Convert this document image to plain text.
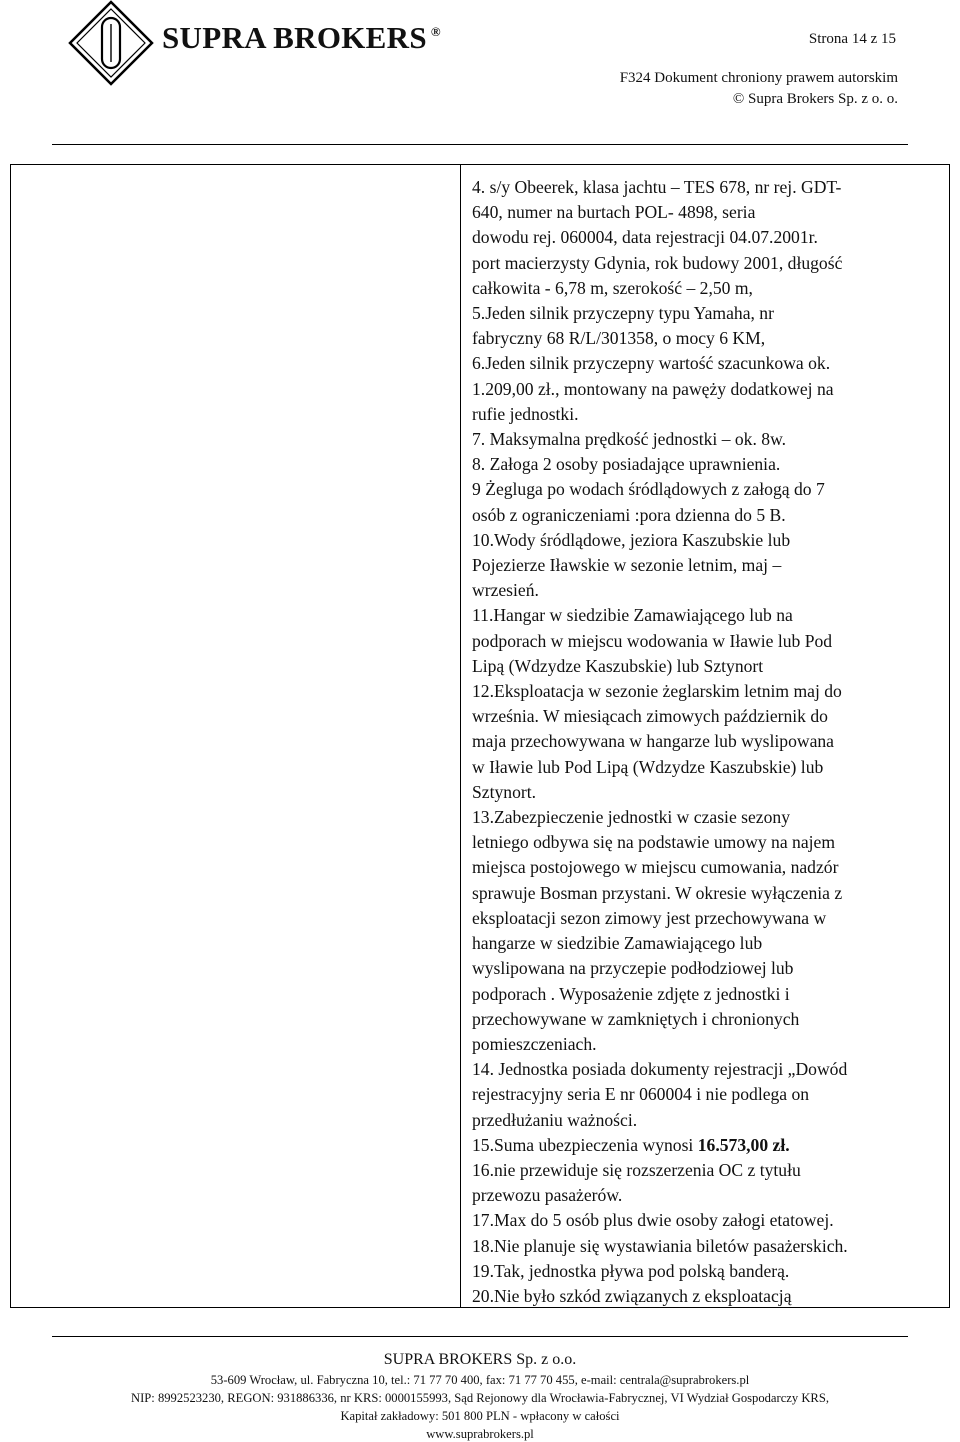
SUPRA BROKERS ®	Strona 14 z 15
F324 Dokument chroniony prawem autorskim
© Supra Brokers Sp. z o. o.

4. s/y Obeerek, klasa jachtu – TES 678, nr rej. GDT-
640, numer na burtach POL- 4898, seria
dowodu rej. 060004, data rejestracji 04.07.2001r.
port macierzysty Gdynia, rok budowy 2001, długość
całkowita - 6,78 m, szerokość – 2,50 m,

5.Jeden silnik przyczepny typu Yamaha, nr
fabryczny 68 R/L/301358, o mocy 6 KM,

6.Jeden silnik przyczepny wartość szacunkowa ok.
1.209,00 zł., montowany na pawęży dodatkowej na
rufie jednostki.

7. Maksymalna prędkość jednostki – ok. 8w.

8. Załoga 2 osoby posiadające uprawnienia.

9 Żegluga po wodach śródlądowych z załogą do 7
osób z ograniczeniami :pora dzienna do 5 B.

10.Wody śródlądowe, jeziora Kaszubskie lub
Pojezierze Iławskie w sezonie letnim, maj –
wrzesień.

11.Hangar w siedzibie Zamawiającego lub na
podporach w miejscu wodowania w Iławie lub Pod
Lipą (Wdzydze Kaszubskie) lub Sztynort

12.Eksploatacja w sezonie żeglarskim letnim maj do
września. W miesiącach zimowych październik do
maja przechowywana w hangarze lub wyslipowana
w Iławie lub Pod Lipą (Wdzydze Kaszubskie) lub
Sztynort.

13.Zabezpieczenie jednostki w czasie sezony
letniego odbywa się na podstawie umowy na najem
miejsca postojowego w miejscu cumowania, nadzór
sprawuje Bosman przystani. W okresie wyłączenia z
eksploatacji sezon zimowy jest przechowywana w
hangarze w siedzibie Zamawiającego lub
wyslipowana na przyczepie podłodziowej lub
podporach . Wyposażenie zdjęte z jednostki i
przechowywane w zamkniętych i chronionych
pomieszczeniach.

14. Jednostka posiada dokumenty rejestracji „Dowód
rejestracyjny seria E nr 060004 i nie podlega on
przedłużaniu ważności.

15.Suma ubezpieczenia wynosi 16.573,00 zł.

16.nie przewiduje się rozszerzenia OC z tytułu
przewozu pasażerów.

17.Max do 5 osób plus dwie osoby załogi etatowej.

18.Nie planuje się wystawiania biletów pasażerskich.

19.Tak, jednostka pływa pod polską banderą.

20.Nie było szkód związanych z eksploatacją

SUPRA BROKERS Sp. z o.o.
53-609 Wrocław, ul. Fabryczna 10, tel.: 71 77 70 400, fax: 71 77 70 455, e-mail: centrala@suprabrokers.pl
NIP: 8992523230, REGON: 931886336, nr KRS: 0000155993, Sąd Rejonowy dla Wrocławia-Fabrycznej, VI Wydział Gospodarczy KRS,
Kapitał zakładowy: 501 800 PLN - wpłacony w całości
www.suprabrokers.pl
